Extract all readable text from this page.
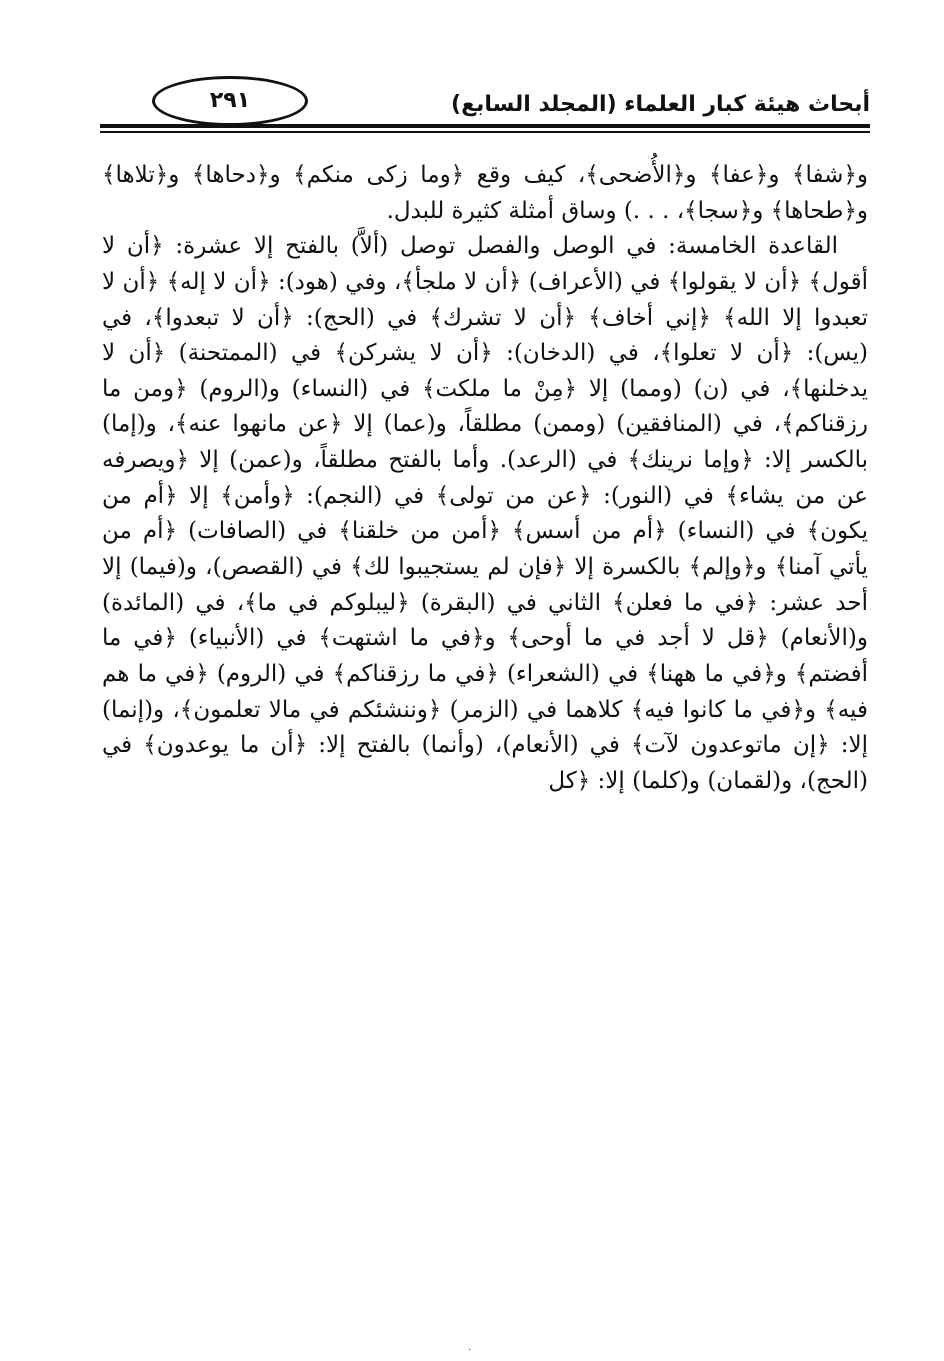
أبحاث هيئة كبار العلماء (المجلد السابع)
٢٩١

و﴿شفا﴾ و﴿عفا﴾ و﴿الأُضحى﴾، كيف وقع ﴿وما زكى منكم﴾ و﴿دحاها﴾ و﴿تلاها﴾ و﴿طحاها﴾ و﴿سجا﴾، . . .) وساق أمثلة كثيرة للبدل.

القاعدة الخامسة: في الوصل والفصل توصل (ألاَّ) بالفتح إلا عشرة: ﴿أن لا أقول﴾ ﴿أن لا يقولوا﴾ في (الأعراف) ﴿أن لا ملجأ﴾، وفي (هود): ﴿أن لا إله﴾ ﴿أن لا تعبدوا إلا الله﴾ ﴿إني أخاف﴾ ﴿أن لا تشرك﴾ في (الحج): ﴿أن لا تبعدوا﴾، في (يس): ﴿أن لا تعلوا﴾، في (الدخان): ﴿أن لا يشركن﴾ في (الممتحنة) ﴿أن لا يدخلنها﴾، في (ن) (ومما) إلا ﴿مِنْ ما ملكت﴾ في (النساء) و(الروم) ﴿ومن ما رزقناكم﴾، في (المنافقين) (وممن) مطلقاً، و(عما) إلا ﴿عن مانهوا عنه﴾، و(إما) بالكسر إلا: ﴿وإما نرينك﴾ في (الرعد). وأما بالفتح مطلقاً، و(عمن) إلا ﴿ويصرفه عن من يشاء﴾ في (النور): ﴿عن من تولى﴾ في (النجم): ﴿وأمن﴾ إلا ﴿أم من يكون﴾ في (النساء) ﴿أم من أسس﴾ ﴿أمن من خلقنا﴾ في (الصافات) ﴿أم من يأتي آمنا﴾ و﴿وإلم﴾ بالكسرة إلا ﴿فإن لم يستجيبوا لك﴾ في (القصص)، و(فيما) إلا أحد عشر: ﴿في ما فعلن﴾ الثاني في (البقرة) ﴿ليبلوكم في ما﴾، في (المائدة) و(الأنعام) ﴿قل لا أجد في ما أوحى﴾ و﴿في ما اشتهت﴾ في (الأنبياء) ﴿في ما أفضتم﴾ و﴿في ما ههنا﴾ في (الشعراء) ﴿في ما رزقناكم﴾ في (الروم) ﴿في ما هم فيه﴾ و﴿في ما كانوا فيه﴾ كلاهما في (الزمر) ﴿وننشئكم في مالا تعلمون﴾، و(إنما) إلا: ﴿إن ماتوعدون لآت﴾ في (الأنعام)، (وأنما) بالفتح إلا: ﴿أن ما يوعدون﴾ في (الحج)، و(لقمان) و(كلما) إلا: ﴿كل

·
